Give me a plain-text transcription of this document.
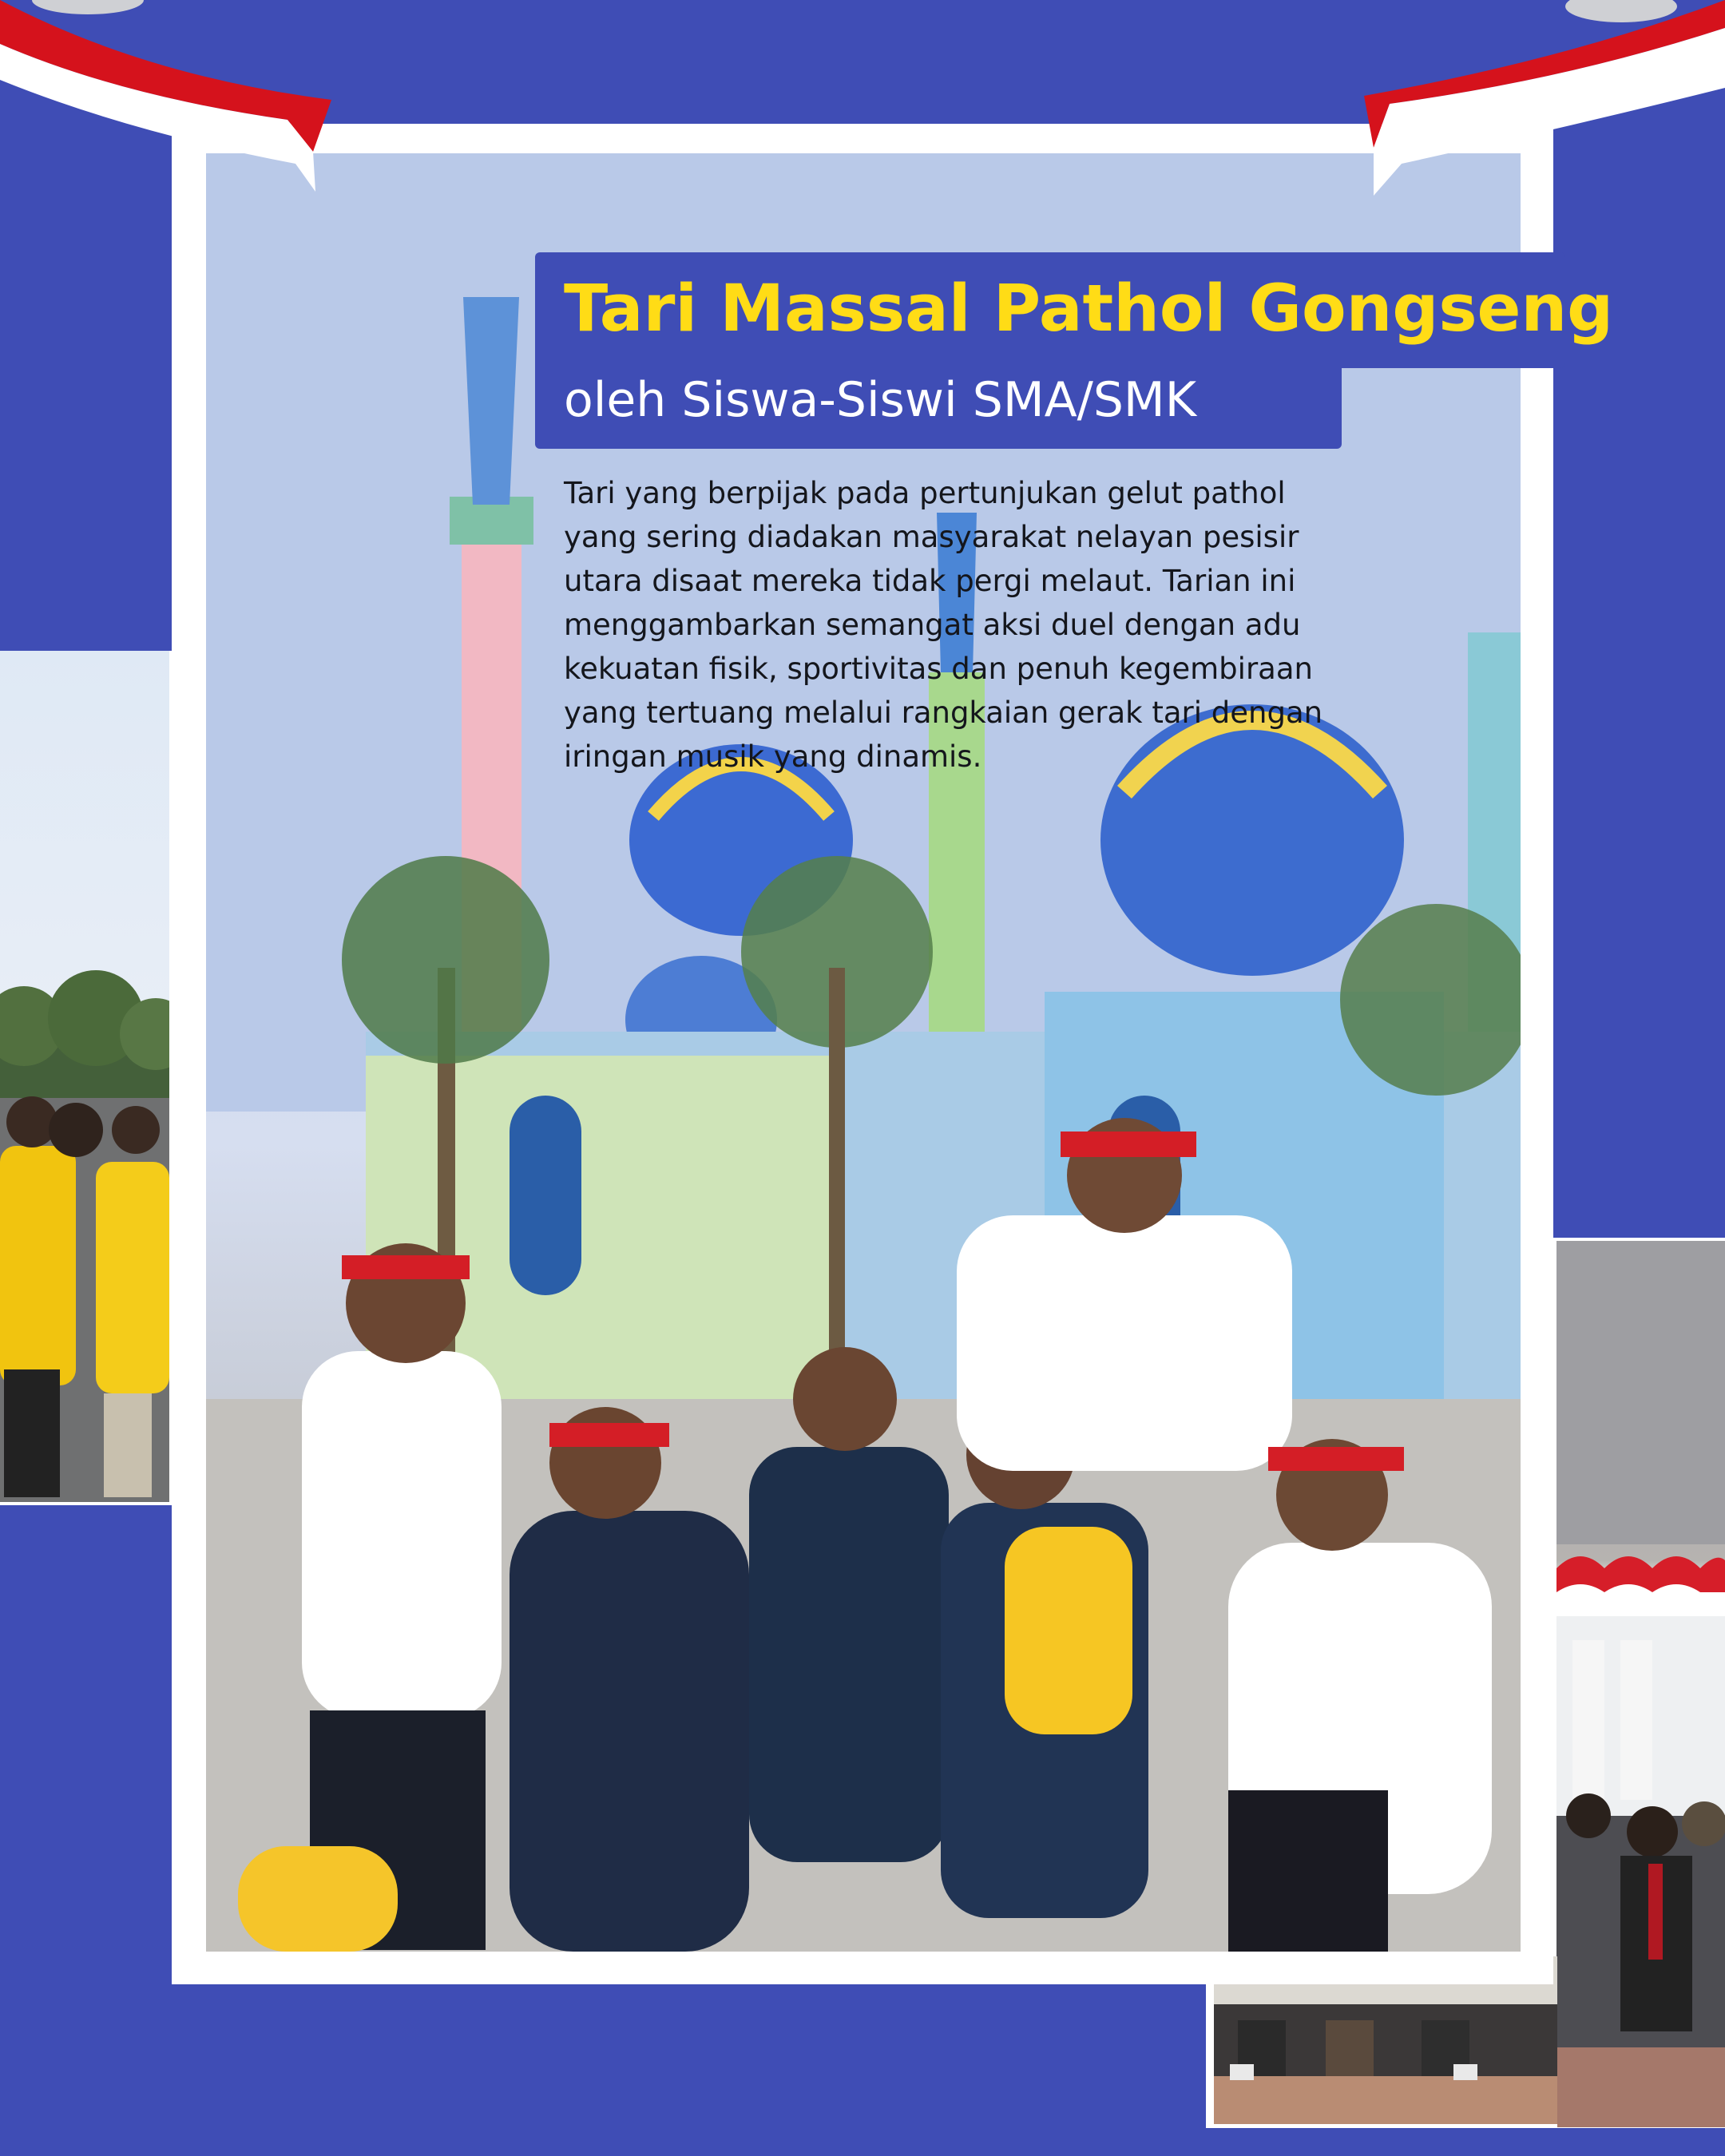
Tari Massal Pathol Gongseng
oleh Siswa-Siswi SMA/SMK
Tari yang berpijak pada pertunjukan gelut pathol
yang sering diadakan masyarakat nelayan pesisir
utara disaat mereka tidak pergi melaut. Tarian ini
menggambarkan semangat aksi duel dengan adu
kekuatan fisik, sportivitas dan penuh kegembiraan
yang tertuang melalui rangkaian gerak tari dengan
iringan musik yang dinamis.
